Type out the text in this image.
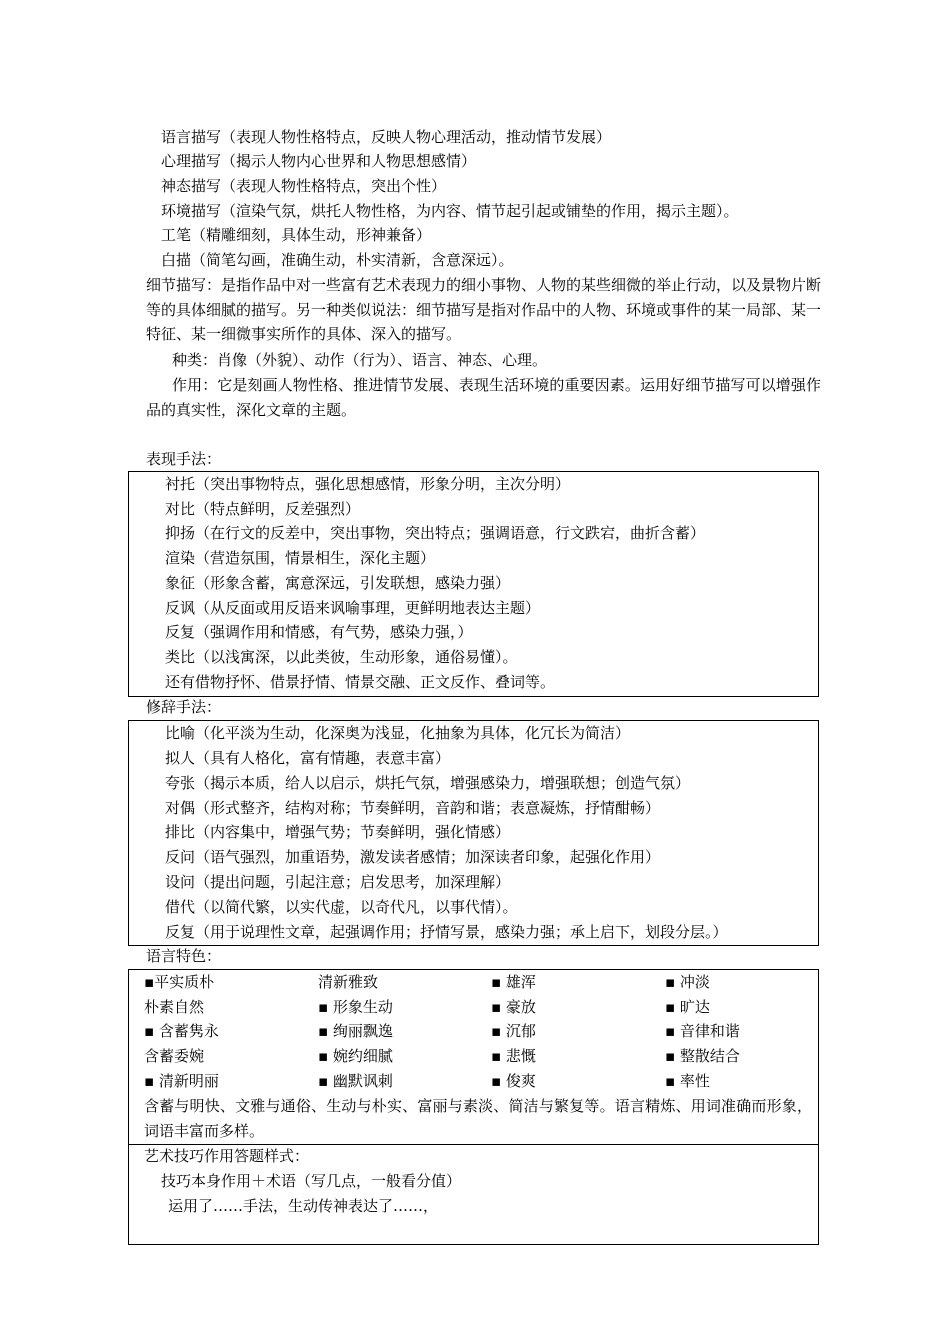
语言描写（表现人物性格特点，反映人物心理活动，推动情节发展）
心理描写（揭示人物内心世界和人物思想感情）
神态描写（表现人物性格特点，突出个性）
环境描写（渲染气氛，烘托人物性格，为内容、情节起引起或铺垫的作用，揭示主题）。
工笔（精雕细刻，具体生动，形神兼备）
白描（简笔勾画，准确生动，朴实清新，含意深远）。
细节描写：是指作品中对一些富有艺术表现力的细小事物、人物的某些细微的举止行动，以及景物片断等的具体细腻的描写。另一种类似说法：细节描写是指对作品中的人物、环境或事件的某一局部、某一特征、某一细微事实所作的具体、深入的描写。
种类：肖像（外貌）、动作（行为）、语言、神态、心理。
作用：它是刻画人物性格、推进情节发展、表现生活环境的重要因素。运用好细节描写可以增强作品的真实性，深化文章的主题。
表现手法：
衬托（突出事物特点，强化思想感情，形象分明，主次分明）
对比（特点鲜明，反差强烈）
抑扬（在行文的反差中，突出事物，突出特点；强调语意，行文跌宕，曲折含蓄）
渲染（营造氛围，情景相生，深化主题）
象征（形象含蓄，寓意深远，引发联想，感染力强）
反讽（从反面或用反语来讽喻事理，更鲜明地表达主题）
反复（强调作用和情感，有气势，感染力强，）
类比（以浅寓深，以此类彼，生动形象，通俗易懂）。
还有借物抒怀、借景抒情、情景交融、正文反作、叠词等。
修辞手法：
比喻（化平淡为生动，化深奥为浅显，化抽象为具体，化冗长为简洁）
拟人（具有人格化，富有情趣，表意丰富）
夸张（揭示本质，给人以启示，烘托气氛，增强感染力，增强联想；创造气氛）
对偶（形式整齐，结构对称；节奏鲜明，音韵和谐；表意凝炼，抒情酣畅）
排比（内容集中，增强气势；节奏鲜明，强化情感）
反问（语气强烈，加重语势，激发读者感情；加深读者印象，起强化作用）
设问（提出问题，引起注意；启发思考，加深理解）
借代（以简代繁，以实代虚，以奇代凡，以事代情）。
反复（用于说理性文章，起强调作用；抒情写景，感染力强；承上启下，划段分层。）
语言特色：
▪平实质朴	清新雅致	▪ 雄浑	▪ 冲淡
朴素自然	▪ 形象生动	▪ 豪放	▪ 旷达
▪ 含蓄隽永	▪ 绚丽飘逸	▪ 沉郁	▪ 音律和谐
含蓄委婉	▪ 婉约细腻	▪ 悲慨	▪ 整散结合
▪ 清新明丽	▪ 幽默讽刺	▪ 俊爽	▪ 率性
含蓄与明快、文雅与通俗、生动与朴实、富丽与素淡、简洁与繁复等。语言精炼、用词准确而形象，词语丰富而多样。
艺术技巧作用答题样式：
技巧本身作用＋术语（写几点，一般看分值）
运用了……手法，生动传神表达了……，
